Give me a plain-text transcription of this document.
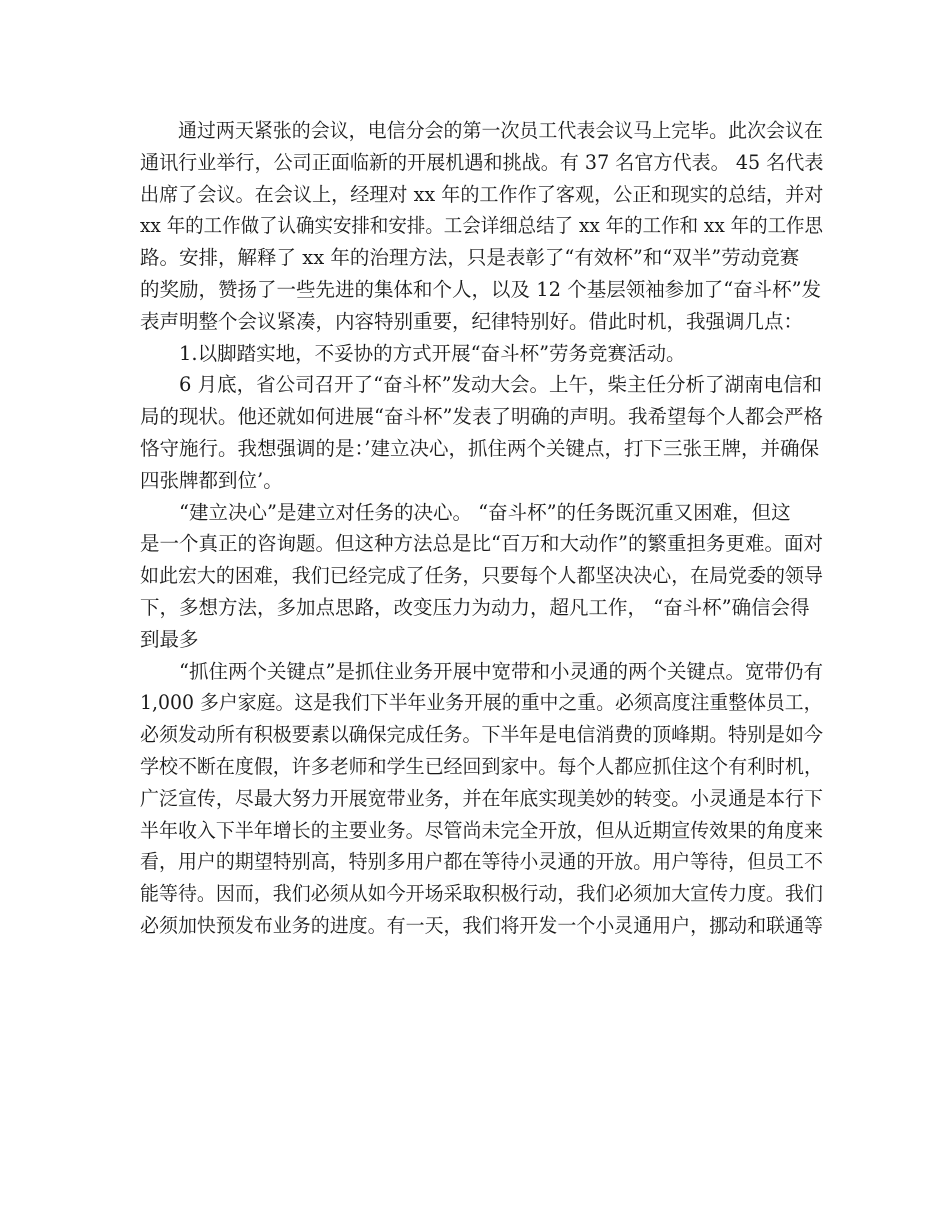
通过两天紧张的会议，电信分会的第一次员工代表会议马上完毕。此次会议在
通讯行业举行，公司正面临新的开展机遇和挑战。有 37 名官方代表。 45 名代表
出席了会议。在会议上，经理对 xx 年的工作作了客观，公正和现实的总结，并对
xx 年的工作做了认确实安排和安排。工会详细总结了 xx 年的工作和 xx 年的工作思
路。安排，解释了 xx 年的治理方法，只是表彰了“有效杯”和“双半”劳动竞赛
的奖励，赞扬了一些先进的集体和个人，以及 12 个基层领袖参加了“奋斗杯”发
表声明整个会议紧凑，内容特别重要，纪律特别好。借此时机，我强调几点：

1.以脚踏实地，不妥协的方式开展“奋斗杯”劳务竞赛活动。

6 月底，省公司召开了“奋斗杯”发动大会。上午，柴主任分析了湖南电信和
局的现状。他还就如何进展“奋斗杯”发表了明确的声明。我希望每个人都会严格
恪守施行。我想强调的是：’建立决心，抓住两个关键点，打下三张王牌，并确保
四张牌都到位’。

“建立决心”是建立对任务的决心。 “奋斗杯”的任务既沉重又困难，但这
是一个真正的咨询题。但这种方法总是比“百万和大动作”的繁重担务更难。面对
如此宏大的困难，我们已经完成了任务，只要每个人都坚决决心，在局党委的领导
下，多想方法，多加点思路，改变压力为动力，超凡工作， “奋斗杯”确信会得
到最多

“抓住两个关键点”是抓住业务开展中宽带和小灵通的两个关键点。宽带仍有
1,000 多户家庭。这是我们下半年业务开展的重中之重。必须高度注重整体员工，
必须发动所有积极要素以确保完成任务。下半年是电信消费的顶峰期。特别是如今
学校不断在度假，许多老师和学生已经回到家中。每个人都应抓住这个有利时机，
广泛宣传，尽最大努力开展宽带业务，并在年底实现美妙的转变。小灵通是本行下
半年收入下半年增长的主要业务。尽管尚未完全开放，但从近期宣传效果的角度来
看，用户的期望特别高，特别多用户都在等待小灵通的开放。用户等待，但员工不
能等待。因而，我们必须从如今开场采取积极行动，我们必须加大宣传力度。我们
必须加快预发布业务的进度。有一天，我们将开发一个小灵通用户，挪动和联通等
